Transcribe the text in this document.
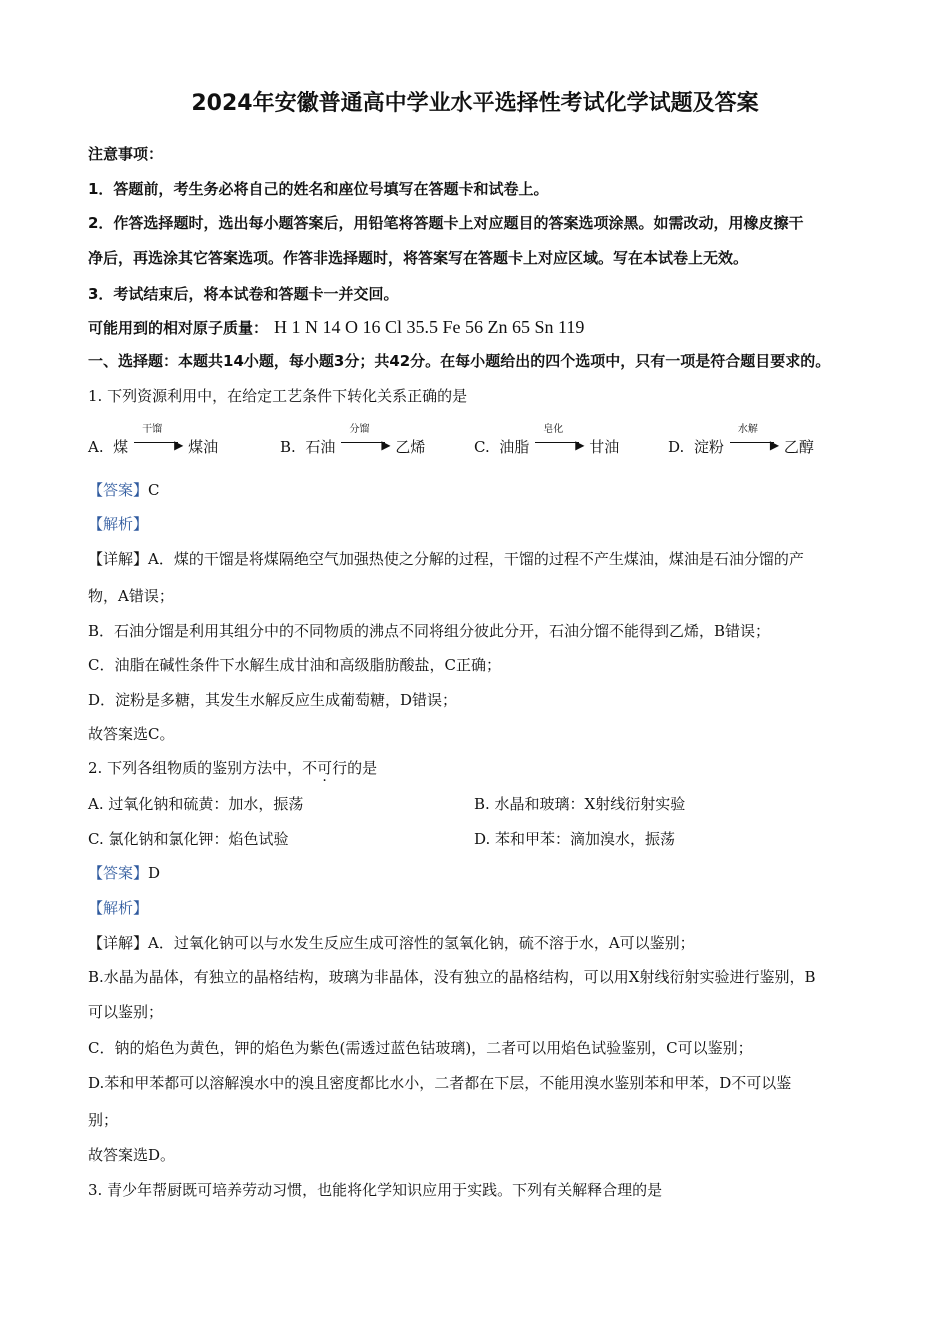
2024年安徽普通高中学业水平选择性考试化学试题及答案
注意事项：
1．答题前，考生务必将自己的姓名和座位号填写在答题卡和试卷上。
2．作答选择题时，选出每小题答案后，用铅笔将答题卡上对应题目的答案选项涂黑。如需改动，用橡皮擦干
净后，再选涂其它答案选项。作答非选择题时，将答案写在答题卡上对应区域。写在本试卷上无效。
3．考试结束后，将本试卷和答题卡一并交回。
可能用到的相对原子质量： H 1 N 14 O 16 Cl 35.5 Fe 56 Zn 65 Sn 119
一、选择题：本题共14小题，每小题3分；共42分。在每小题给出的四个选项中，只有一项是符合题目要求的。
1. 下列资源利用中，在给定工艺条件下转化关系正确的是
A. 煤
干馏
▶ 煤油	B. 石油
分馏
▶ 乙烯	C. 油脂
皂化
▶ 甘油	D. 淀粉
水解
▶ 乙醇
【答案】C
【解析】
【详解】A．煤的干馏是将煤隔绝空气加强热使之分解的过程，干馏的过程不产生煤油，煤油是石油分馏的产
物，A错误；
B．石油分馏是利用其组分中的不同物质的沸点不同将组分彼此分开，石油分馏不能得到乙烯，B错误；
C．油脂在碱性条件下水解生成甘油和高级脂肪酸盐，C正确；
D．淀粉是多糖，其发生水解反应生成葡萄糖，D错误；
故答案选C。
2. 下列各组物质的鉴别方法中，不可行的是
A. 过氧化钠和硫黄：加水，振荡	B. 水晶和玻璃：X射线衍射实验
C. 氯化钠和氯化钾：焰色试验	D. 苯和甲苯：滴加溴水，振荡
【答案】D
【解析】
【详解】A．过氧化钠可以与水发生反应生成可溶性的氢氧化钠，硫不溶于水，A可以鉴别；
B.水晶为晶体，有独立的晶格结构，玻璃为非晶体，没有独立的晶格结构，可以用X射线衍射实验进行鉴别，B
可以鉴别；
C．钠的焰色为黄色，钾的焰色为紫色(需透过蓝色钴玻璃)，二者可以用焰色试验鉴别，C可以鉴别；
D.苯和甲苯都可以溶解溴水中的溴且密度都比水小，二者都在下层，不能用溴水鉴别苯和甲苯，D不可以鉴
别；
故答案选D。
3. 青少年帮厨既可培养劳动习惯，也能将化学知识应用于实践。下列有关解释合理的是
